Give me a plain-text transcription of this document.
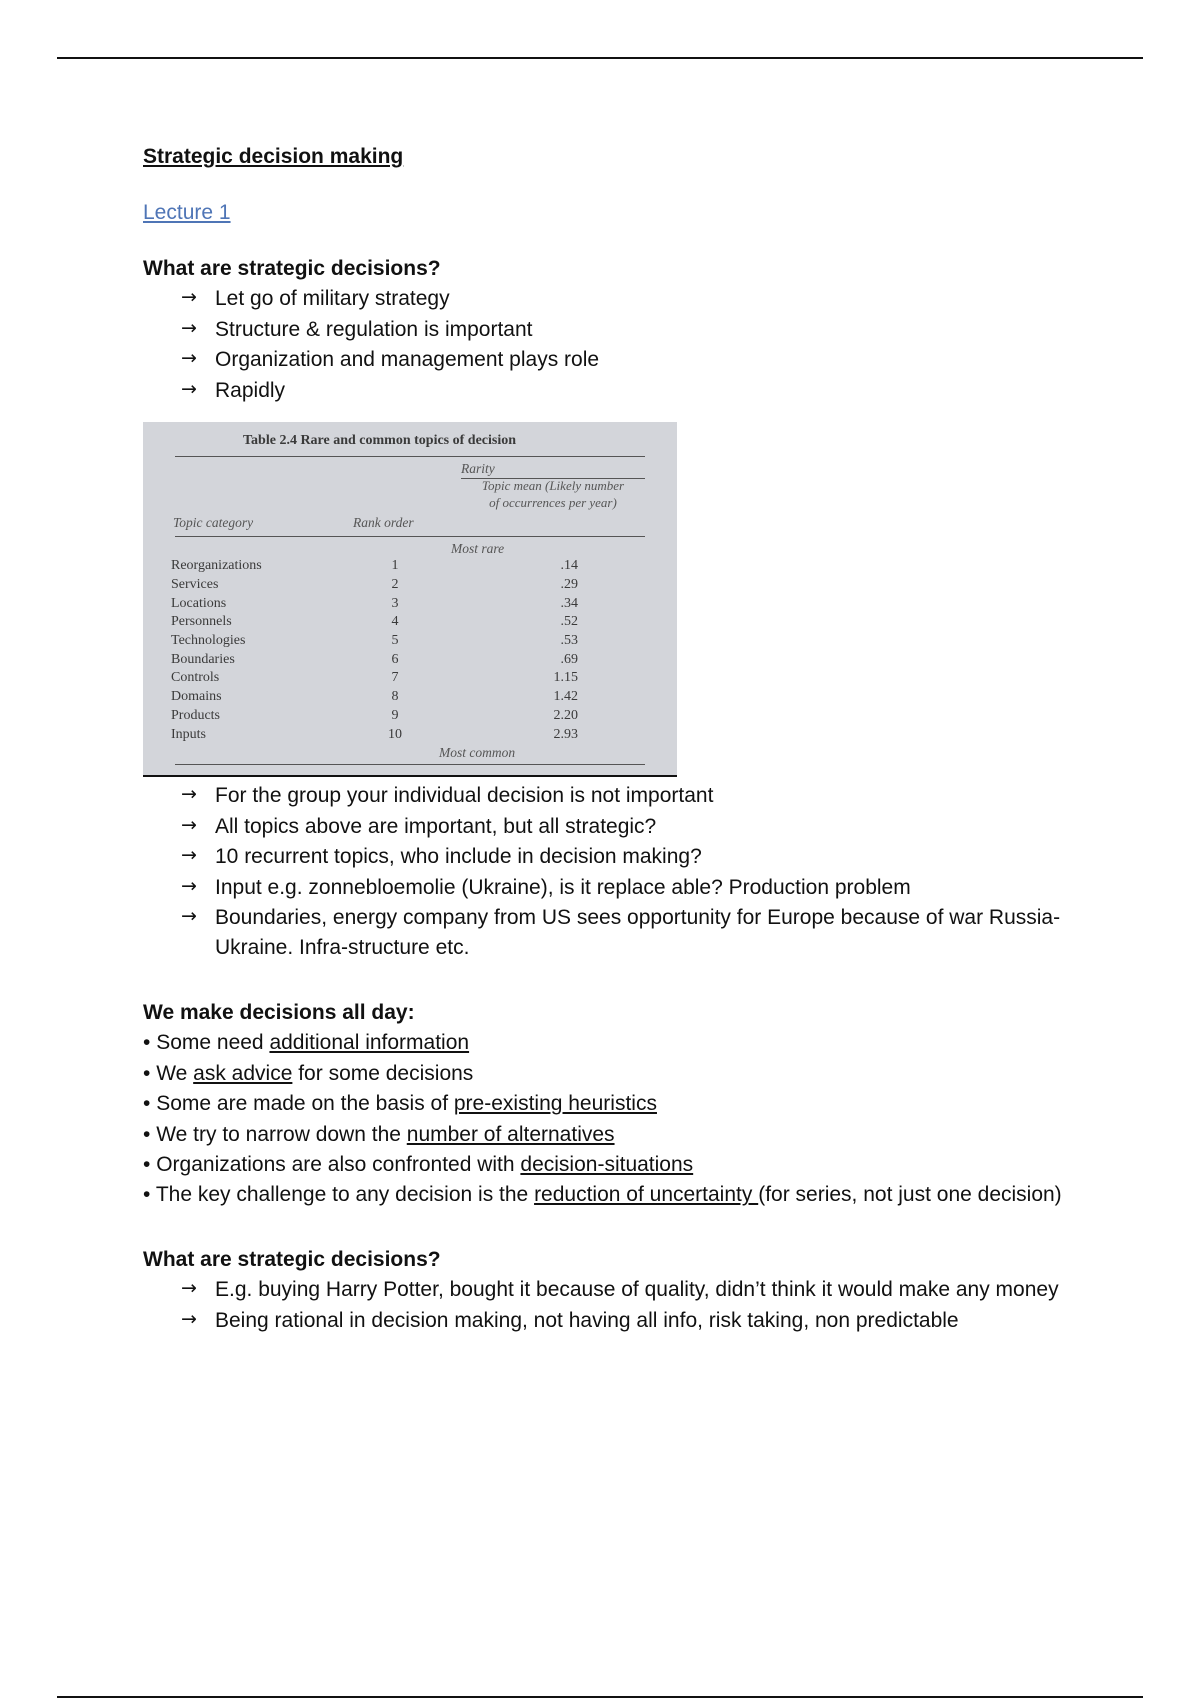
Strategic decision making
Lecture 1
What are strategic decisions?
→ Let go of military strategy
→ Structure & regulation is important
→ Organization and management plays role
→ Rapidly
Table 2.4 Rare and common topics of decision
Rarity
Topic mean (Likely number of occurrences per year)
Topic category	Rank order
Most rare
Reorganizations
Services
Locations
Personnels
Technologies
Boundaries
Controls
Domains
Products
Inputs
1
2
3
4
5
6
7
8
9
10
.14
.29
.34
.52
.53
.69
1.15
1.42
2.20
2.93
Most common
→ For the group your individual decision is not important
→ All topics above are important, but all strategic?
→ 10 recurrent topics, who include in decision making?
→ Input e.g. zonnebloemolie (Ukraine), is it replace able? Production problem
→ Boundaries, energy company from US sees opportunity for Europe because of war Russia-Ukraine. Infra-structure etc.
We make decisions all day:
• Some need additional information
• We ask advice for some decisions
• Some are made on the basis of pre-existing heuristics
• We try to narrow down the number of alternatives
• Organizations are also confronted with decision-situations
• The key challenge to any decision is the reduction of uncertainty (for series, not just one decision)
What are strategic decisions?
→ E.g. buying Harry Potter, bought it because of quality, didn’t think it would make any money
→ Being rational in decision making, not having all info, risk taking, non predictable
